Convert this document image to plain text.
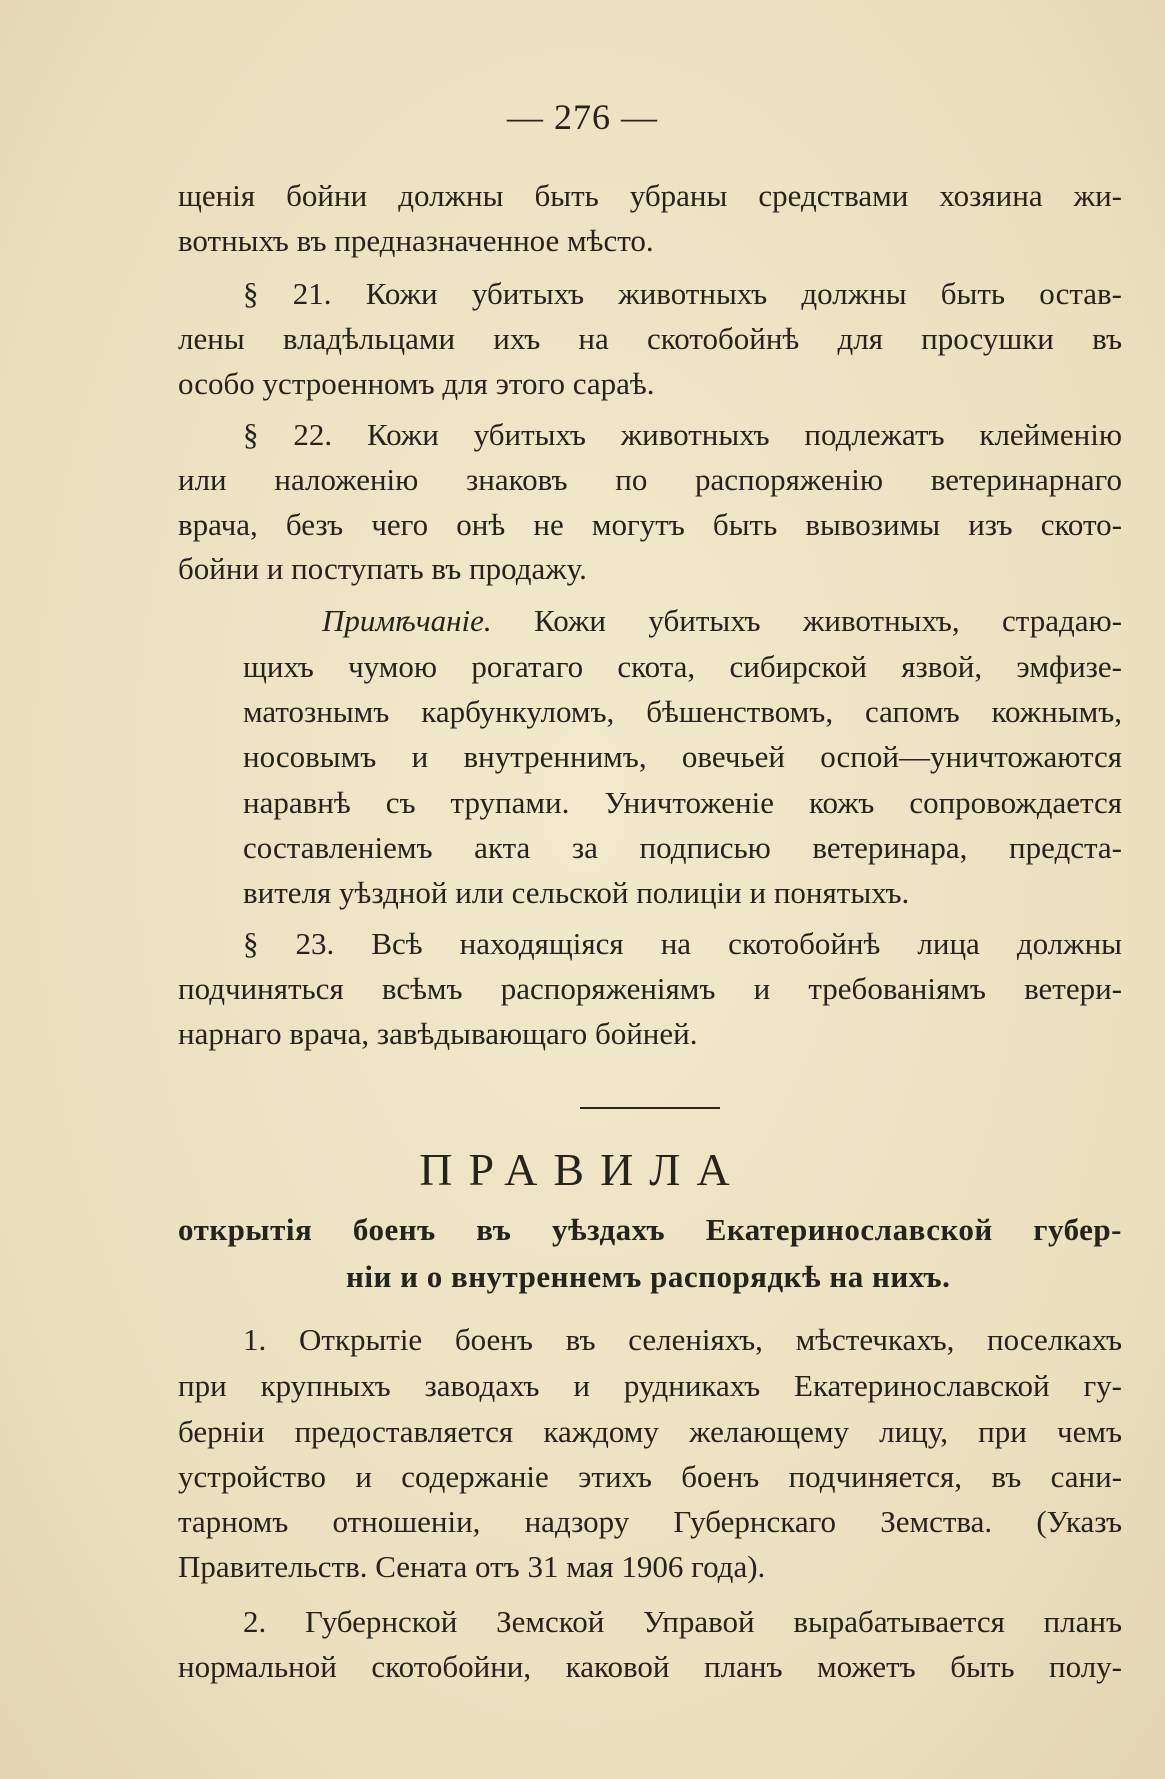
— 276 —
щенія бойни должны быть убраны средствами хозяина жи-
вотныхъ въ предназначенное мѣсто.
§ 21. Кожи убитыхъ животныхъ должны быть остав-
лены владѣльцами ихъ на скотобойнѣ для просушки въ
особо устроенномъ для этого сараѣ.
§ 22. Кожи убитыхъ животныхъ подлежатъ клейменію
или наложенію знаковъ по распоряженію ветеринарнаго
врача, безъ чего онѣ не могутъ быть вывозимы изъ ското-
бойни и поступать въ продажу.
Примѣчаніе. Кожи убитыхъ животныхъ, страдаю-
щихъ чумою рогатаго скота, сибирской язвой, эмфизе-
матознымъ карбункуломъ, бѣшенствомъ, сапомъ кожнымъ,
носовымъ и внутреннимъ, овечьей оспой—уничтожаются
наравнѣ съ трупами. Уничтоженіе кожъ сопровождается
составленіемъ акта за подписью ветеринара, предста-
вителя уѣздной или сельской полиціи и понятыхъ.
§ 23. Всѣ находящіяся на скотобойнѣ лица должны
подчиняться всѣмъ распоряженіямъ и требованіямъ ветери-
нарнаго врача, завѣдывающаго бойней.
ПРАВИЛА
открытія боенъ въ уѣздахъ Екатеринославской губер-
ніи и о внутреннемъ распорядкѣ на нихъ.
1. Открытіе боенъ въ селеніяхъ, мѣстечкахъ, поселкахъ
при крупныхъ заводахъ и рудникахъ Екатеринославской гу-
берніи предоставляется каждому желающему лицу, при чемъ
устройство и содержаніе этихъ боенъ подчиняется, въ сани-
тарномъ отношеніи, надзору Губернскаго Земства. (Указъ
Правительств. Сената отъ 31 мая 1906 года).
2. Губернской Земской Управой вырабатывается планъ
нормальной скотобойни, каковой планъ можетъ быть полу-
